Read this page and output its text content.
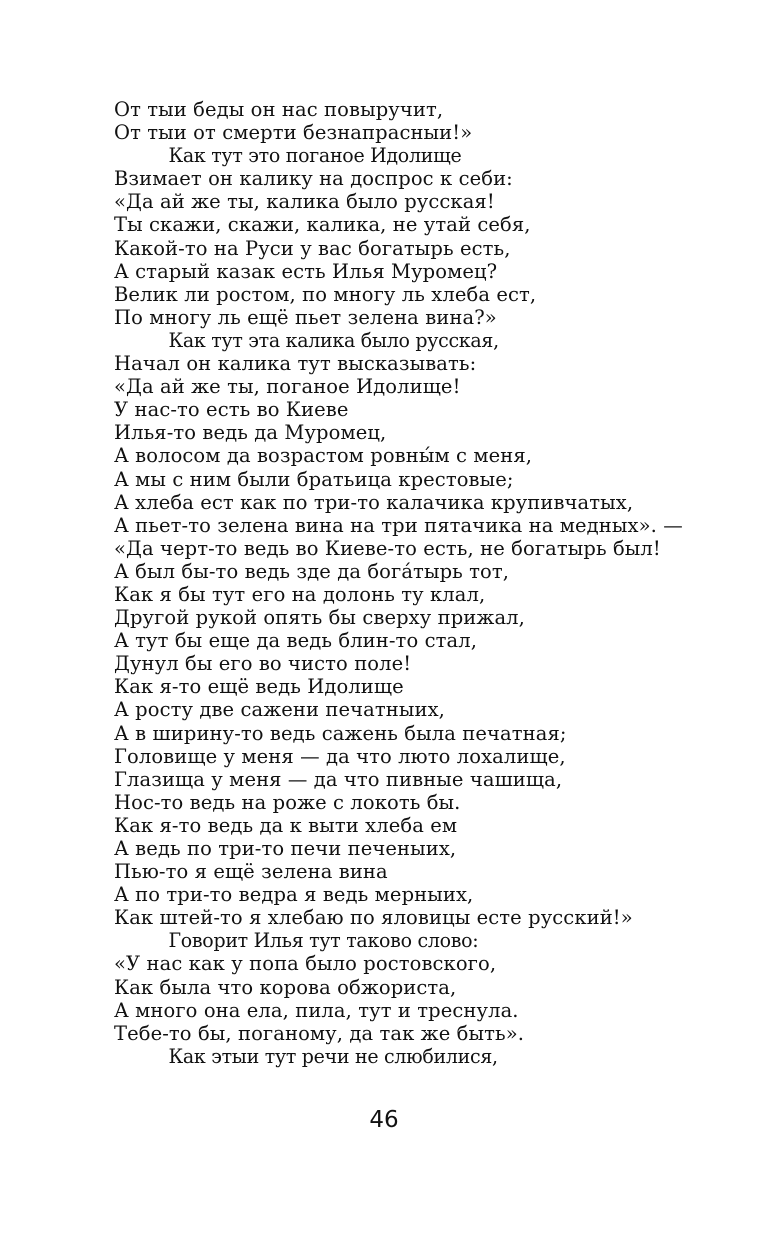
От тыи беды он нас повыручит,
От тыи от смерти безнапрасныи!»
Как тут это поганое Идолище
Взимает он калику на доспрос к себи:
«Да ай же ты, калика было русская!
Ты скажи, скажи, калика, не утай себя,
Какой-то на Руси у вас богатырь есть,
А старый казак есть Илья Муромец?
Велик ли ростом, по многу ль хлеба ест,
По многу ль ещё пьет зелена вина?»
Как тут эта калика было русская,
Начал он калика тут высказывать:
«Да ай же ты, поганое Идолище!
У нас-то есть во Киеве
Илья-то ведь да Муромец,
А волосом да возрастом ровны́м с меня,
А мы с ним были братьица крестовые;
А хлеба ест как по три-то калачика крупивчатых,
А пьет-то зелена вина на три пятачика на медных». —
«Да черт-то ведь во Киеве-то есть, не богатырь был!
А был бы-то ведь зде да бога́тырь тот,
Как я бы тут его на долонь ту клал,
Другой рукой опять бы сверху прижал,
А тут бы еще да ведь блин-то стал,
Дунул бы его во чисто поле!
Как я-то ещё ведь Идолище
А росту две сажени печатныих,
А в ширину-то ведь сажень была печатная;
Головище у меня — да что люто лохалище,
Глазища у меня — да что пивные чашища,
Нос-то ведь на роже с локоть бы.
Как я-то ведь да к выти хлеба ем
А ведь по три-то печи печеныих,
Пью-то я ещё зелена вина
А по три-то ведра я ведь мерныих,
Как штей-то я хлебаю по яловицы есте русский!»
Говорит Илья тут таково слово:
«У нас как у попа было ростовского,
Как была что корова обжориста,
А много она ела, пила, тут и треснула.
Тебе-то бы, поганому, да так же быть».
Как этыи тут речи не слюбилися,
46
